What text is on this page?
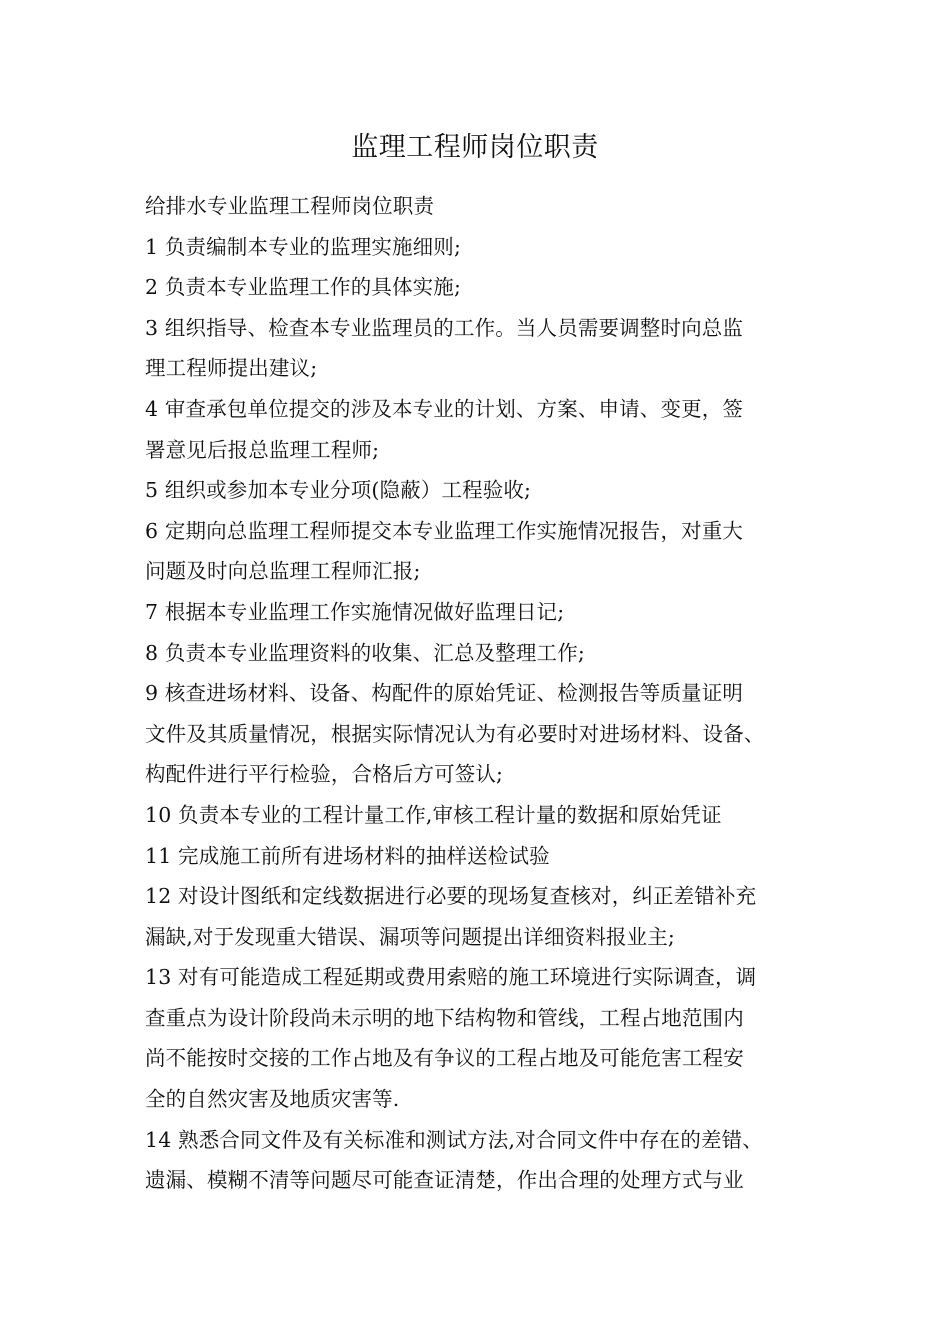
监理工程师岗位职责
给排水专业监理工程师岗位职责
1 负责编制本专业的监理实施细则;
2 负责本专业监理工作的具体实施;
3 组织指导、检查本专业监理员的工作。当人员需要调整时向总监
理工程师提出建议;
4 审查承包单位提交的涉及本专业的计划、方案、申请、变更，签
署意见后报总监理工程师;
5 组织或参加本专业分项(隐蔽）工程验收;
6 定期向总监理工程师提交本专业监理工作实施情况报告，对重大
问题及时向总监理工程师汇报;
7 根据本专业监理工作实施情况做好监理日记;
8 负责本专业监理资料的收集、汇总及整理工作;
9 核查进场材料、设备、构配件的原始凭证、检测报告等质量证明
文件及其质量情况，根据实际情况认为有必要时对进场材料、设备、
构配件进行平行检验，合格后方可签认;
10 负责本专业的工程计量工作,审核工程计量的数据和原始凭证
11 完成施工前所有进场材料的抽样送检试验
12 对设计图纸和定线数据进行必要的现场复查核对，纠正差错补充
漏缺,对于发现重大错误、漏项等问题提出详细资料报业主;
13 对有可能造成工程延期或费用索赔的施工环境进行实际调查，调
查重点为设计阶段尚未示明的地下结构物和管线，工程占地范围内
尚不能按时交接的工作占地及有争议的工程占地及可能危害工程安
全的自然灾害及地质灾害等.
14 熟悉合同文件及有关标准和测试方法,对合同文件中存在的差错、
遗漏、模糊不清等问题尽可能查证清楚，作出合理的处理方式与业
